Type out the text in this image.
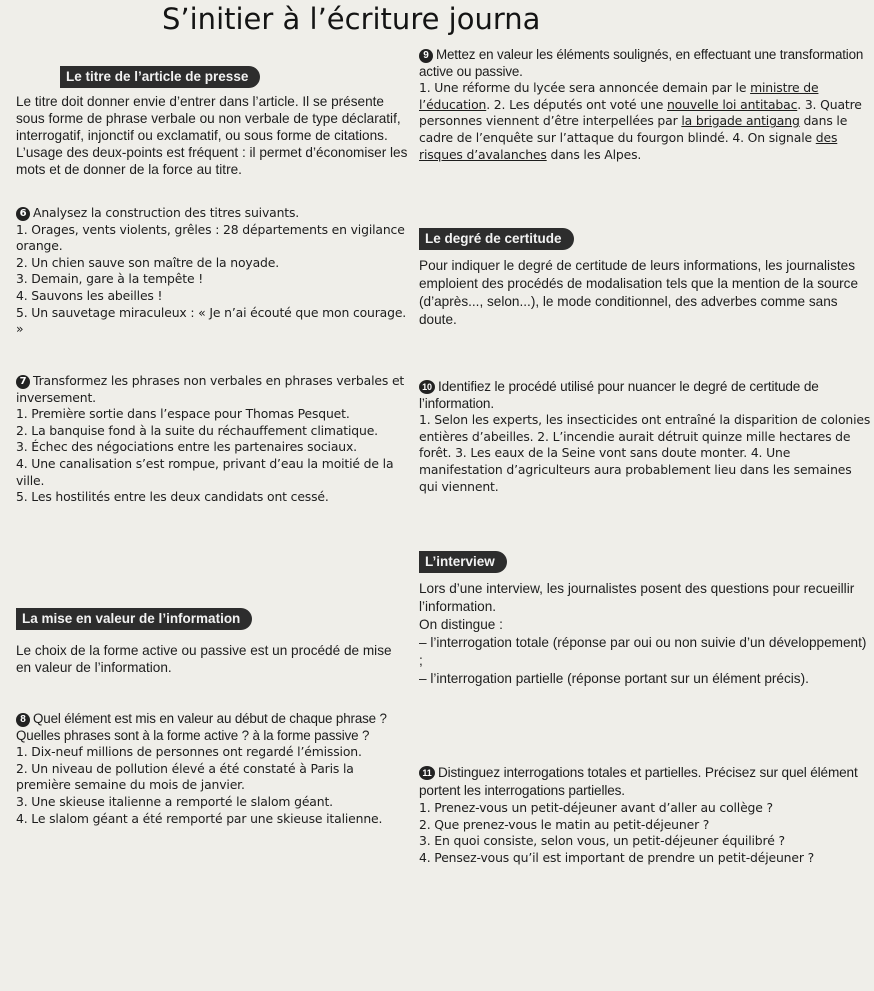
S’initier à l’écriture journa
Le titre de l’article de presse
Le titre doit donner envie d’entrer dans l’article. Il se présente sous forme de phrase verbale ou non verbale de type déclaratif, interrogatif, injonctif ou exclamatif, ou sous forme de citations. L’usage des deux-points est fréquent : il permet d’économiser les mots et de donner de la force au titre.

6 Analysez la construction des titres suivants.

1. Orages, vents violents, grêles : 28 départements en vigilance orange.

2. Un chien sauve son maître de la noyade.

3. Demain, gare à la tempête !

4. Sauvons les abeilles !

5. Un sauvetage miraculeux : « Je n’ai écouté que mon courage. »

7 Transformez les phrases non verbales en phrases verbales et inversement.

1. Première sortie dans l’espace pour Thomas Pesquet.

2. La banquise fond à la suite du réchauffement climatique.

3. Échec des négociations entre les partenaires sociaux.

4. Une canalisation s’est rompue, privant d’eau la moitié de la ville.

5. Les hostilités entre les deux candidats ont cessé.

La mise en valeur de l’information
Le choix de la forme active ou passive est un procédé de mise en valeur de l’information.

8 Quel élément est mis en valeur au début de chaque phrase ? Quelles phrases sont à la forme active ? à la forme passive ?

1. Dix-neuf millions de personnes ont regardé l’émission.

2. Un niveau de pollution élevé a été constaté à Paris la première semaine du mois de janvier.

3. Une skieuse italienne a remporté le slalom géant.

4. Le slalom géant a été remporté par une skieuse italienne.

9 Mettez en valeur les éléments soulignés, en effectuant une transformation active ou passive.

1. Une réforme du lycée sera annoncée demain par le ministre de l’éducation. 2. Les députés ont voté une nouvelle loi antitabac. 3. Quatre personnes viennent d’être interpellées par la brigade antigang dans le cadre de l’enquête sur l’attaque du fourgon blindé. 4. On signale des risques d’avalanches dans les Alpes.

Le degré de certitude
Pour indiquer le degré de certitude de leurs informations, les journalistes emploient des procédés de modalisation tels que la mention de la source (d’après..., selon...), le mode conditionnel, des adverbes comme sans doute.

10 Identifiez le procédé utilisé pour nuancer le degré de certitude de l’information.

1. Selon les experts, les insecticides ont entraîné la disparition de colonies entières d’abeilles. 2. L’incendie aurait détruit quinze mille hectares de forêt. 3. Les eaux de la Seine vont sans doute monter. 4. Une manifestation d’agriculteurs aura probablement lieu dans les semaines qui viennent.

L’interview

Lors d’une interview, les journalistes posent des questions pour recueillir l’information.

On distingue :

– l’interrogation totale (réponse par oui ou non suivie d’un développement) ;

– l’interrogation partielle (réponse portant sur un élément précis).

11 Distinguez interrogations totales et partielles. Précisez sur quel élément portent les interrogations partielles.

1. Prenez-vous un petit-déjeuner avant d’aller au collège ?

2. Que prenez-vous le matin au petit-déjeuner ?

3. En quoi consiste, selon vous, un petit-déjeuner équilibré ?

4. Pensez-vous qu’il est important de prendre un petit-déjeuner ?
